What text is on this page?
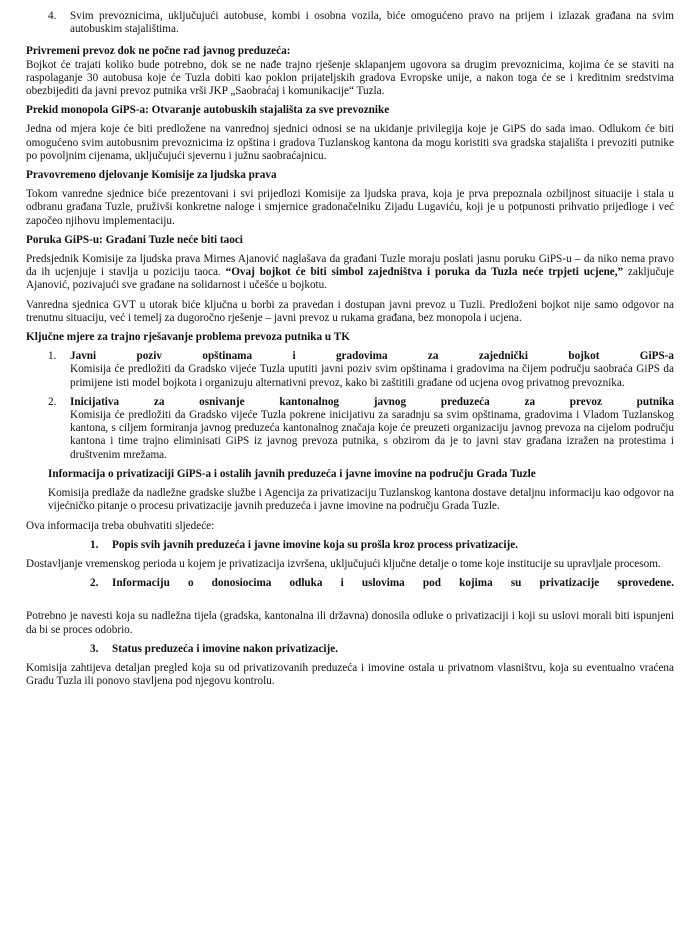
4.	Svim prevoznicima, uključujući autobuse, kombi i osobna vozila, biće omogućeno pravo na prijem i izlazak građana na svim autobuskim stajalištima.

Privremeni prevoz dok ne počne rad javnog preduzeća:

Bojkot će trajati koliko bude potrebno, dok se ne nađe trajno rješenje sklapanjem ugovora sa drugim prevoznicima, kojima će se staviti na raspolaganje 30 autobusa koje će Tuzla dobiti kao poklon prijateljskih gradova Evropske unije, a nakon toga će se i kreditnim sredstvima obezbijediti da javni prevoz putnika vrši JKP „Saobraćaj i komunikacije“ Tuzla.

Prekid monopola GiPS-a: Otvaranje autobuskih stajališta za sve prevoznike

Jedna od mjera koje će biti predložene na vanrednoj sjednici odnosi se na ukidanje privilegija koje je GiPS do sada imao. Odlukom će biti omogućeno svim autobusnim prevoznicima iz opština i gradova Tuzlanskog kantona da mogu koristiti sva gradska stajališta i prevoziti putnike po povoljnim cijenama, uključujući sjevernu i južnu saobraćajnicu.

Pravovremeno djelovanje Komisije za ljudska prava

Tokom vanredne sjednice biće prezentovani i svi prijedlozi Komisije za ljudska prava, koja je prva prepoznala ozbiljnost situacije i stala u odbranu građana Tuzle, pruživši konkretne naloge i smjernice gradonačelniku Zijadu Lugaviću, koji je u potpunosti prihvatio prijedloge i već započeo njihovu implementaciju.

Poruka GiPS-u: Građani Tuzle neće biti taoci

Predsjednik Komisije za ljudska prava Mirnes Ajanović naglašava da građani Tuzle moraju poslati jasnu poruku GiPS-u – da niko nema pravo da ih ucjenjuje i stavlja u poziciju taoca. “Ovaj bojkot će biti simbol zajedništva i poruka da Tuzla neće trpjeti ucjene,” zaključuje Ajanović, pozivajući sve građane na solidarnost i učešće u bojkotu.

Vanredna sjednica GVT u utorak biće ključna u borbi za pravedan i dostupan javni prevoz u Tuzli. Predloženi bojkot nije samo odgovor na trenutnu situaciju, već i temelj za dugoročno rješenje – javni prevoz u rukama građana, bez monopola i ucjena.

Ključne mjere za trajno rješavanje problema prevoza putnika u TK

1.	Javni poziv opštinama i gradovima za zajednički bojkot GiPS-a

Komisija će predložiti da Gradsko vijeće Tuzla uputiti javni poziv svim opštinama i gradovima na čijem području saobraća GiPS da primijene isti model bojkota i organizuju alternativni prevoz, kako bi zaštitili građane od ucjena ovog privatnog prevoznika.

2.	Inicijativa za osnivanje kantonalnog javnog preduzeća za prevoz putnika

Komisija će predložiti da Gradsko vijeće Tuzla pokrene inicijativu za saradnju sa svim opštinama, gradovima i Vladom Tuzlanskog kantona, s ciljem formiranja javnog preduzeća kantonalnog značaja koje će preuzeti organizaciju javnog prevoza na cijelom području kantona i time trajno eliminisati GiPS iz javnog prevoza putnika, s obzirom da je to javni stav građana izražen na protestima i društvenim mrežama.

Informacija o privatizaciji GiPS-a i ostalih javnih preduzeća i javne imovine na području Grada Tuzle

Komisija predlaže da nadležne gradske službe i Agencija za privatizaciju Tuzlanskog kantona dostave detaljnu informaciju kao odgovor na vijećničko pitanje o procesu privatizacije javnih preduzeća i javne imovine na području Grada Tuzle.

Ova informacija treba obuhvatiti sljedeće:

1.	Popis svih javnih preduzeća i javne imovine koja su prošla kroz process privatizacije.

Dostavljanje vremenskog perioda u kojem je privatizacija izvršena, uključujući ključne detalje o tome koje institucije su upravljale procesom.

2.	Informaciju o donosiocima odluka i uslovima pod kojima su privatizacije sprovedene.

Potrebno je navesti koja su nadležna tijela (gradska, kantonalna ili državna) donosila odluke o privatizaciji i koji su uslovi morali biti ispunjeni da bi se proces odobrio.

3.	Status preduzeća i imovine nakon privatizacije.

Komisija zahtijeva detaljan pregled koja su od privatizovanih preduzeća i imovine ostala u privatnom vlasništvu, koja su eventualno vraćena Gradu Tuzla ili ponovo stavljena pod njegovu kontrolu.
